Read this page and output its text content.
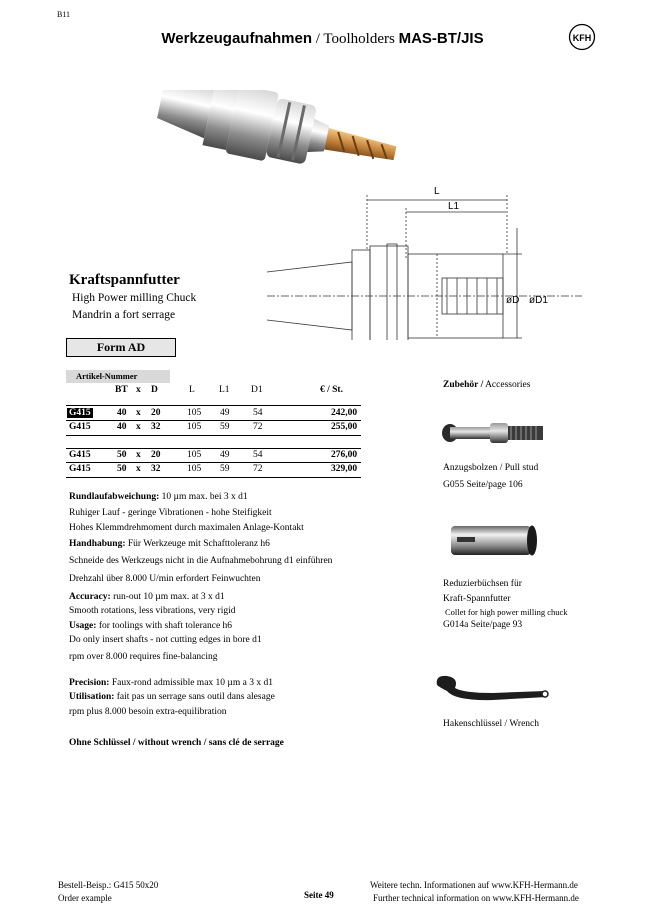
B11
Werkzeugaufnahmen / Toolholders MAS-BT/JIS	KFH
L
L1
øD øD1
Kraftspannfutter
High Power milling Chuck
Mandrin a fort serrage
Form AD
Artikel-Nummer
BT x D	L	L1 D1	€ / St.
G415	40 x 20	105 49 54	242,00
G415	40 x 32	105 59 72	255,00
G415	50 x 20	105 49 54	276,00
G415	50 x 32	105 59 72	329,00
Rundlaufabweichung: 10 µm max. bei 3 x d1
Ruhiger Lauf - geringe Vibrationen - hohe Steifigkeit
Hohes Klemmdrehmoment durch maximalen Anlage-Kontakt
Handhabung: Für Werkzeuge mit Schafttoleranz h6
Schneide des Werkzeugs nicht in die Aufnahmebohrung d1 einführen
Drehzahl über 8.000 U/min erfordert Feinwuchten
Accuracy: run-out 10 µm max. at 3 x d1
Smooth rotations, less vibrations, very rigid
Usage: for toolings with shaft tolerance h6
Do only insert shafts - not cutting edges in bore d1
rpm over 8.000 requires fine-balancing
Precision: Faux-rond admissible max 10 µm a 3 x d1
Utilisation: fait pas un serrage sans outil dans alesage
rpm plus 8.000 besoin extra-equilibration
Ohne Schlüssel / without wrench / sans clé de serrage
Zubehör / Accessories
Anzugsbolzen / Pull stud
G055 Seite/page 106
Reduzierbüchsen für
Kraft-Spannfutter
Collet for high power milling chuck
G014a Seite/page 93
Hakenschlüssel / Wrench
Bestell-Beisp.: G415 50x20
Order example	Seite 49
Weitere techn. Informationen auf www.KFH-Hermann.de
Further technical information on www.KFH-Hermann.de
